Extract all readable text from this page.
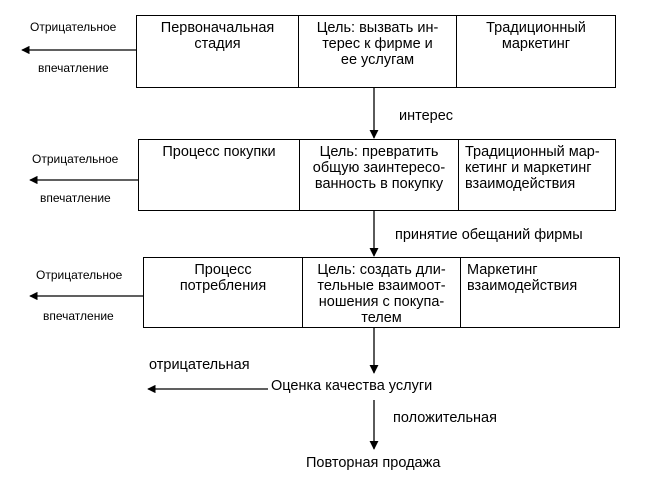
Первоначальная
стадия
Цель: вызвать ин-
терес к фирме и
ее услугам
Традиционный
маркетинг
Отрицательное
впечатление
интерес
Процесс покупки	Цель: превратить
общую заинтересо-
ванность в покупку
Традиционный мар-
кетинг и маркетинг
взаимодействия
Отрицательное
впечатление
принятие обещаний фирмы
Процесс
потребления
Цель: создать дли-
тельные взаимоот-
ношения с покупа-
телем
Маркетинг
взаимодействия
Отрицательное
впечатление
отрицательная
Оценка качества услуги
положительная
Повторная продажа
